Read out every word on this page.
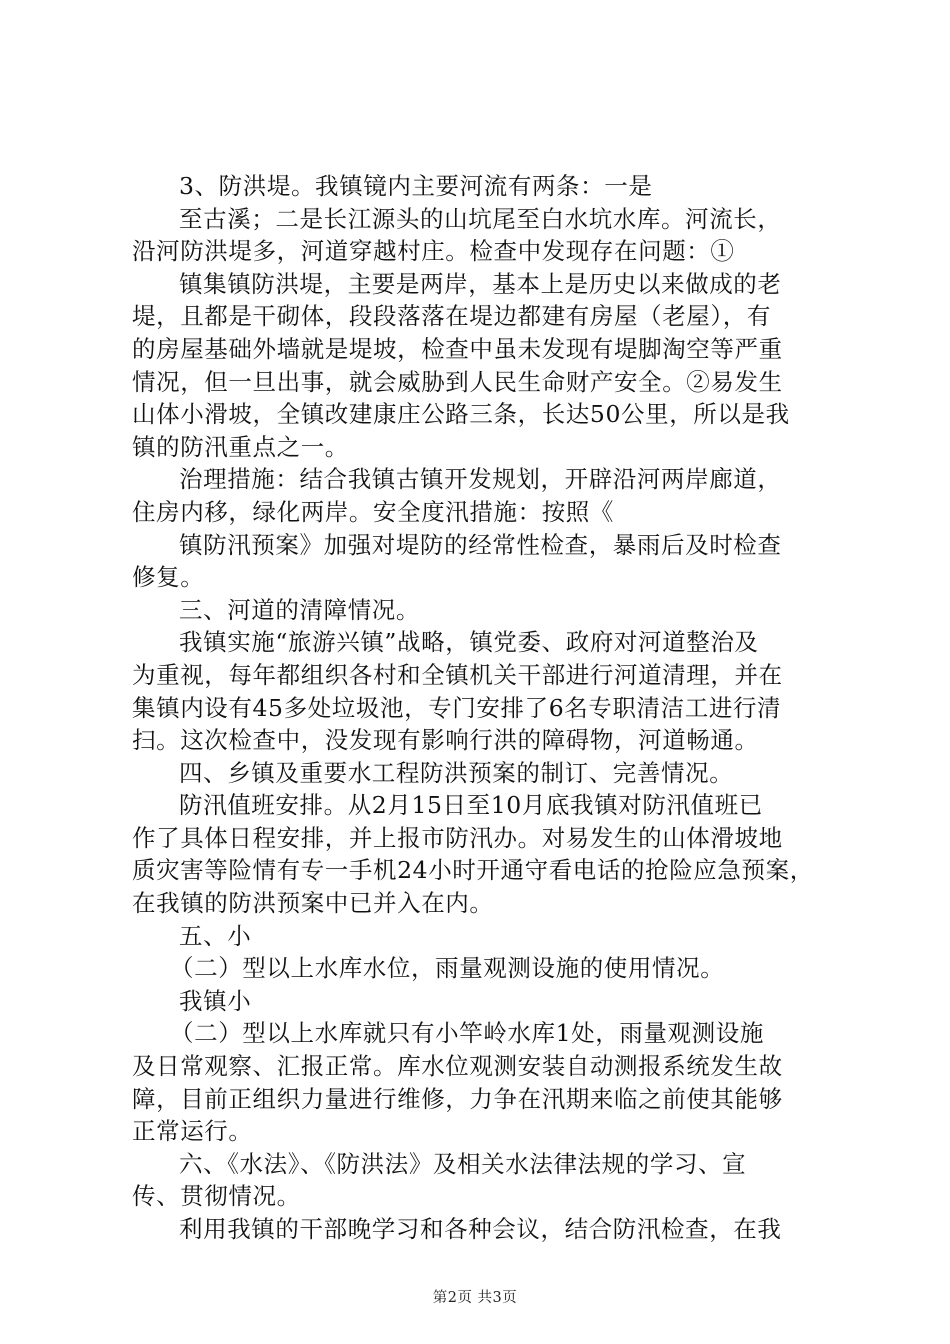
3、防洪堤。我镇镜内主要河流有两条：一是
至古溪；二是长江源头的山坑尾至白水坑水库。河流长，
沿河防洪堤多，河道穿越村庄。检查中发现存在问题：①
镇集镇防洪堤，主要是两岸，基本上是历史以来做成的老
堤，且都是干砌体，段段落落在堤边都建有房屋（老屋），有
的房屋基础外墙就是堤坡，检查中虽未发现有堤脚淘空等严重
情况，但一旦出事，就会威胁到人民生命财产安全。②易发生
山体小滑坡，全镇改建康庄公路三条，长达50公里，所以是我
镇的防汛重点之一。
治理措施：结合我镇古镇开发规划，开辟沿河两岸廊道，
住房内移，绿化两岸。安全度汛措施：按照《
镇防汛预案》加强对堤防的经常性检查，暴雨后及时检查
修复。
三、河道的清障情况。
我镇实施“旅游兴镇”战略，镇党委、政府对河道整治及
为重视，每年都组织各村和全镇机关干部进行河道清理，并在
集镇内设有45多处垃圾池，专门安排了6名专职清洁工进行清
扫。这次检查中，没发现有影响行洪的障碍物，河道畅通。
四、乡镇及重要水工程防洪预案的制订、完善情况。
防汛值班安排。从2月15日至10月底我镇对防汛值班已
作了具体日程安排，并上报市防汛办。对易发生的山体滑坡地
质灾害等险情有专一手机24小时开通守看电话的抢险应急预案，
在我镇的防洪预案中已并入在内。
五、小
（二）型以上水库水位，雨量观测设施的使用情况。
我镇小
（二）型以上水库就只有小竿岭水库1处，雨量观测设施
及日常观察、汇报正常。库水位观测安装自动测报系统发生故
障，目前正组织力量进行维修，力争在汛期来临之前使其能够
正常运行。
六、《水法》、《防洪法》及相关水法律法规的学习、宣
传、贯彻情况。
利用我镇的干部晚学习和各种会议，结合防汛检查，在我
第2页 共3页
